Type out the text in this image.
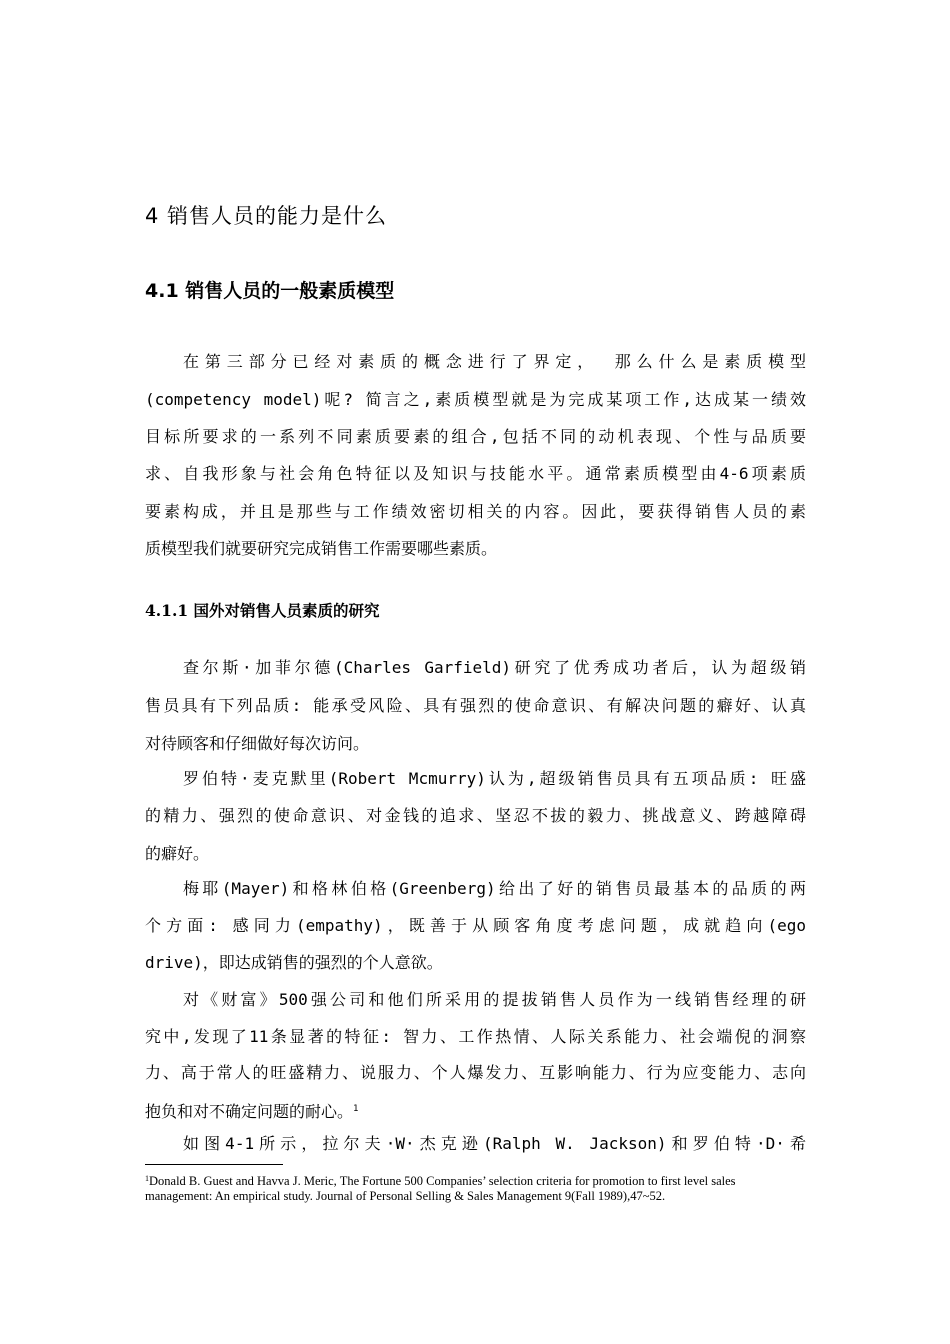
4 销售人员的能力是什么
4.1 销售人员的一般素质模型
在第三部分已经对素质的概念进行了界定， 那么什么是素质模型
(competency model)呢? 简言之,素质模型就是为完成某项工作,达成某一绩效
目标所要求的一系列不同素质要素的组合,包括不同的动机表现、个性与品质要
求、自我形象与社会角色特征以及知识与技能水平。通常素质模型由4-6项素质
要素构成，并且是那些与工作绩效密切相关的内容。因此，要获得销售人员的素
质模型我们就要研究完成销售工作需要哪些素质。
4.1.1 国外对销售人员素质的研究
查尔斯·加菲尔德(Charles Garfield)研究了优秀成功者后，认为超级销
售员具有下列品质: 能承受风险、具有强烈的使命意识、有解决问题的癖好、认真
对待顾客和仔细做好每次访问。
罗伯特·麦克默里(Robert Mcmurry)认为,超级销售员具有五项品质: 旺盛
的精力、强烈的使命意识、对金钱的追求、坚忍不拔的毅力、挑战意义、跨越障碍
的癖好。
梅耶(Mayer)和格林伯格(Greenberg)给出了好的销售员最基本的品质的两
个方面: 感同力(empathy)，既善于从顾客角度考虑问题，成就趋向(ego
drive)，即达成销售的强烈的个人意欲。
对《财富》500强公司和他们所采用的提拔销售人员作为一线销售经理的研
究中,发现了11条显著的特征: 智力、工作热情、人际关系能力、社会端倪的洞察
力、高于常人的旺盛精力、说服力、个人爆发力、互影响能力、行为应变能力、志向
抱负和对不确定问题的耐心。$^1$
如图4-1所示，拉尔夫·W·杰克逊(Ralph W. Jackson)和罗伯特·D·希
$^1$Donald B. Guest and Havva J. Meric, The Fortune 500 Companies’ selection criteria for promotion to first level sales management: An empirical study. Journal of Personal Selling & Sales Management 9(Fall 1989),47~52.
